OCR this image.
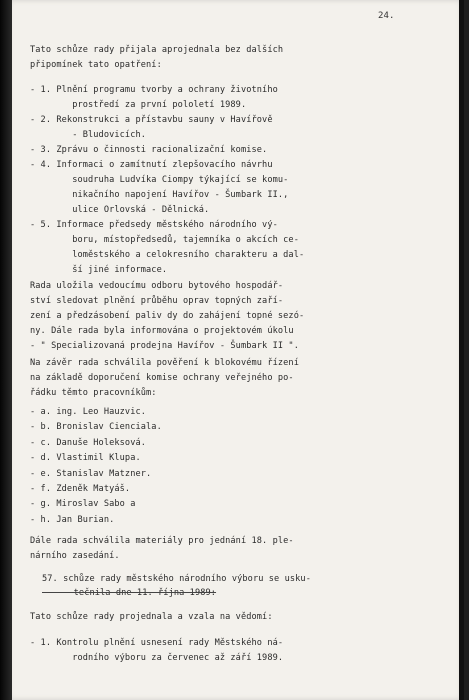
24.
Tato schůze rady přijala aprojednala bez dalších
připomínek tato opatření:
- 1. Plnění programu tvorby a ochrany životního
prostředí za první pololetí 1989.
- 2. Rekonstrukci a přístavbu sauny v Havířově
- Bludovicích.
- 3. Zprávu o činnosti racionalizační komise.
- 4. Informaci o zamítnutí zlepšovacího návrhu
soudruha Ludvíka Ciompy týkající se komu-
nikačního napojení Havířov - Šumbark II.,
ulice Orlovská - Dělnická.
- 5. Informace předsedy městského národního vý-
boru, místopředsedů, tajemníka o akcích ce-
loměstského a celokresního charakteru a dal-
ší jiné informace.
Rada uložila vedoucímu odboru bytového hospodář-
ství sledovat plnění průběhu oprav topných zaří-
zení a předzásobení paliv dy do zahájení topné sezó-
ny. Dále rada byla informována o projektovém úkolu
- " Specializovaná prodejna Havířov - Šumbark II ".
Na závěr rada schválila pověření k blokovému řízení
na základě doporučení komise ochrany veřejného po-
řádku těmto pracovníkům:
- a. ing. Leo Hauzvic.
- b. Bronislav Cienciala.
- c. Danuše Holeksová.
- d. Vlastimil Klupa.
- e. Stanislav Matzner.
- f. Zdeněk Matyáš.
- g. Miroslav Sabo a
- h. Jan Burian.
Dále rada schválila materiály pro jednání 18. ple-
nárního zasedání.
57. schůze rady městského národního výboru se usku-
tečnila dne 11. října 1989:
Tato schůze rady projednala a vzala na vědomí:
- 1. Kontrolu plnění usnesení rady Městského ná-
rodního výboru za červenec až září 1989.
